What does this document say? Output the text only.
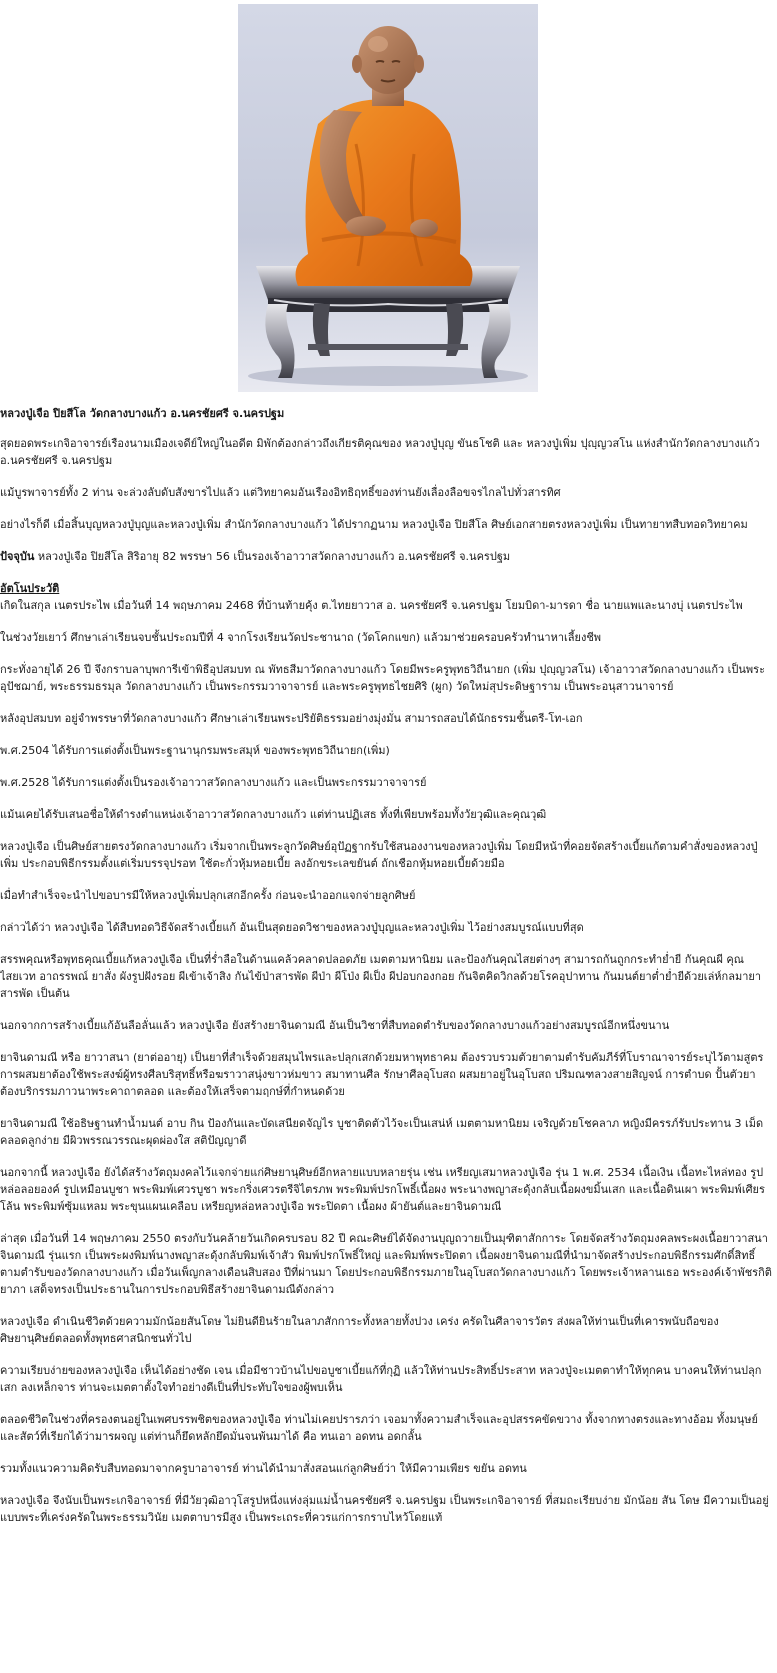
หลวงปู่เจือ ปิยสีโล วัดกลางบางแก้ว อ.นครชัยศรี จ.นครปฐม

สุดยอดพระเกจิอาจารย์เรืองนามเมืองเจดีย์ใหญ่ในอดีต มิพักต้องกล่าวถึงเกียรติคุณของ หลวงปู่บุญ ขันธโชติ และ หลวงปู่เพิ่ม ปุญฺญวสโน แห่งสำนักวัดกลางบางแก้ว อ.นครชัยศรี จ.นครปฐม

แม้บูรพาจารย์ทั้ง 2 ท่าน จะล่วงลับดับสังขารไปแล้ว แต่วิทยาคมอันเรืองอิทธิฤทธิ์ของท่านยังเลื่องลือขจรไกลไปทั่วสารทิศ

อย่างไรก็ดี เมื่อสิ้นบุญหลวงปู่บุญและหลวงปู่เพิ่ม สำนักวัดกลางบางแก้ว ได้ปรากฏนาม หลวงปู่เจือ ปิยสีโล ศิษย์เอกสายตรงหลวงปู่เพิ่ม เป็นทายาทสืบทอดวิทยาคม

ปัจจุบัน หลวงปู่เจือ ปิยสีโล สิริอายุ 82 พรรษา 56 เป็นรองเจ้าอาวาสวัดกลางบางแก้ว อ.นครชัยศรี จ.นครปฐม

อัตโนประวัติ
เกิดในสกุล เนตรประไพ เมื่อวันที่ 14 พฤษภาคม 2468 ที่บ้านท้ายคุ้ง ต.ไทยยาวาส อ. นครชัยศรี จ.นครปฐม โยมบิดา-มารดา ชื่อ นายแพและนางบุ่ เนตรประไพ

ในช่วงวัยเยาว์ ศึกษาเล่าเรียนจบชั้นประถมปีที่ 4 จากโรงเรียนวัดประชานาถ (วัดโคกแขก) แล้วมาช่วยครอบครัวทำนาหาเลี้ยงชีพ

กระทั่งอายุได้ 26 ปี จึงกราบลาบุพการีเข้าพิธีอุปสมบท ณ พัทธสีมาวัดกลางบางแก้ว โดยมีพระครูพุทธวิถีนายก (เพิ่ม ปุญฺญวสโน) เจ้าอาวาสวัดกลางบางแก้ว เป็นพระอุปัชฌาย์, พระธรรมธรมุล วัดกลางบางแก้ว เป็นพระกรรมวาจาจารย์ และพระครูพุทธไชยศิริ (ผูก) วัดใหม่สุประดิษฐาราม เป็นพระอนุสาวนาจารย์

หลังอุปสมบท อยู่จำพรรษาที่วัดกลางบางแก้ว ศึกษาเล่าเรียนพระปริยัติธรรมอย่างมุ่งมั่น สามารถสอบได้นักธรรมชั้นตรี-โท-เอก

พ.ศ.2504 ได้รับการแต่งตั้งเป็นพระฐานานุกรมพระสมุห์ ของพระพุทธวิถีนายก(เพิ่ม)

พ.ศ.2528 ได้รับการแต่งตั้งเป็นรองเจ้าอาวาสวัดกลางบางแก้ว และเป็นพระกรรมวาจาจารย์

แม้นเคยได้รับเสนอชื่อให้ดำรงตำแหน่งเจ้าอาวาสวัดกลางบางแก้ว แต่ท่านปฏิเสธ ทั้งที่เพียบพร้อมทั้งวัยวุฒิและคุณวุฒิ

หลวงปู่เจือ เป็นศิษย์สายตรงวัดกลางบางแก้ว เริ่มจากเป็นพระลูกวัดศิษย์อุปัฏฐากรับใช้สนองงานของหลวงปู่เพิ่ม โดยมีหน้าที่คอยจัดสร้างเบี้ยแก้ตามคำสั่งของหลวงปู่เพิ่ม ประกอบพิธีกรรมตั้งแต่เริ่มบรรจุปรอท ใช้ตะกั่วหุ้มหอยเบี้ย ลงอักขระเลขยันต์ ถักเชือกหุ้มหอยเบี้ยด้วยมือ

เมื่อทำสำเร็จจะนำไปขอบารมีให้หลวงปู่เพิ่มปลุกเสกอีกครั้ง ก่อนจะนำออกแจกจ่ายลูกศิษย์

กล่าวได้ว่า หลวงปู่เจือ ได้สืบทอดวิธีจัดสร้างเบี้ยแก้ อันเป็นสุดยอดวิชาของหลวงปู่บุญและหลวงปู่เพิ่ม ไว้อย่างสมบูรณ์แบบที่สุด

สรรพคุณหรือพุทธคุณเบี้ยแก้หลวงปู่เจือ เป็นที่ร่ำลือในด้านแคล้วคลาดปลอดภัย เมตตามหานิยม และป้องกันคุณไสยต่างๆ สามารถกันถูกกระทำย่ำยี กันคุณผี คุณไสยเวท อาถรรพณ์ ยาสั่ง ผังรูปฝังรอย ผีเข้าเจ้าสิง กันไข้ป่าสารพัด ผีป่า ผีโป่ง ผีเป็ง ผีปอบกองกอย กันจิตคิดวิกลด้วยโรคอุปาทาน กันมนต์ยาต่ำย่ำยีด้วยเล่ห์กลมายาสารพัด เป็นต้น

นอกจากการสร้างเบี้ยแก้อันลือลั่นแล้ว หลวงปู่เจือ ยังสร้างยาจินดามณี อันเป็นวิชาที่สืบทอดตำรับของวัดกลางบางแก้วอย่างสมบูรณ์อีกหนึ่งขนาน

ยาจินดามณี หรือ ยาวาสนา (ยาต่ออายุ) เป็นยาที่สำเร็จด้วยสมุนไพรและปลุกเสกด้วยมหาพุทธาคม ต้องรวบรวมตัวยาตามตำรับคัมภีร์ที่โบราณาจารย์ระบุไว้ตามสูตร การผสมยาต้องใช้พระสงฆ์ผู้ทรงศีลบริสุทธิ์หรือฆราวาสนุ่งขาวห่มขาว สมาทานศีล รักษาศีลอุโบสถ ผสมยาอยู่ในอุโบสถ ปริมณฑลวงสายสิญจน์ การตำบด ปั้นตัวยา ต้องบริกรรมภาวนาพระคาถาตลอด และต้องให้เสร็จตามฤกษ์ที่กำหนดด้วย

ยาจินดามณี ใช้อธิษฐานทำน้ำมนต์ อาบ กิน ป้องกันและบัดเสนียดจัญไร บูชาติดตัวไว้จะเป็นเสน่ห์ เมตตามหานิยม เจริญด้วยโชคลาภ หญิงมีครรภ์รับประทาน 3 เม็ดคลอดลูกง่าย มีผิวพรรณวรรณะผุดผ่องใส สติปัญญาดี

นอกจากนี้ หลวงปู่เจือ ยังได้สร้างวัตถุมงคลไว้แจกจ่ายแก่ศิษยานุศิษย์อีกหลายแบบหลายรุ่น เช่น เหรียญเสมาหลวงปู่เจือ รุ่น 1 พ.ศ. 2534 เนื้อเงิน เนื้อทะไหล่ทอง รูปหล่อลอยองค์ รูปเหมือนบูชา พระพิมพ์เศวรบูชา พระกริ่งเศวรตรีจิไตรภพ พระพิมพ์ปรกโพธิ์เนื้อผง พระนางพญาสะดุ้งกลับเนื้อผงขมิ้นเสก และเนื้อดินเผา พระพิมพ์เศียรโล้น พระพิมพ์ซุ้มแหลม พระขุนแผนเคลือบ เหรียญหล่อหลวงปู่เจือ พระปิดตา เนื้อผง ผ้ายันต์และยาจินดามณี

ล่าสุด เมื่อวันที่ 14 พฤษภาคม 2550 ตรงกับวันคล้ายวันเกิดครบรอบ 82 ปี คณะศิษย์ได้จัดงานบุญถวายเป็นมุฑิตาสักการะ โดยจัดสร้างวัตถุมงคลพระผงเนื้อยาวาสนาจินดามณี รุ่นแรก เป็นพระผงพิมพ์นางพญาสะดุ้งกลับพิมพ์เจ้าสัว พิมพ์ปรกโพธิ์ใหญ่ และพิมพ์พระปิดตา เนื้อผงยาจินดามณีที่นำมาจัดสร้างประกอบพิธีกรรมศักดิ์สิทธิ์ตามตำรับของวัดกลางบางแก้ว เมื่อวันเพ็ญกลางเดือนสิบสอง ปีที่ผ่านมา โดยประกอบพิธีกรรมภายในอุโบสถวัดกลางบางแก้ว โดยพระเจ้าหลานเธอ พระองค์เจ้าพัชรกิติยาภา เสด็จทรงเป็นประธานในการประกอบพิธีสร้างยาจินดามณีดังกล่าว

หลวงปู่เจือ ดำเนินชีวิตด้วยความมักน้อยสันโดษ ไม่ยินดียินร้ายในลาภสักการะทั้งหลายทั้งปวง เคร่ง ครัดในศีลาจารวัตร ส่งผลให้ท่านเป็นที่เคารพนับถือของศิษยานุศิษย์ตลอดทั้งพุทธศาสนิกชนทั่วไป

ความเรียบง่ายของหลวงปู่เจือ เห็นได้อย่างชัด เจน เมื่อมีชาวบ้านไปขอบูชาเบี้ยแก้ที่กุฏิ แล้วให้ท่านประสิทธิ์ประสาท หลวงปู่จะเมตตาทำให้ทุกคน บางคนให้ท่านปลุกเสก ลงเหล็กจาร ท่านจะเมตตาตั้งใจทำอย่างดีเป็นที่ประทับใจของผู้พบเห็น

ตลอดชีวิตในช่วงที่ครองตนอยู่ในเพศบรรพชิตของหลวงปู่เจือ ท่านไม่เคยปรารภว่า เจอมาทั้งความสำเร็จและอุปสรรคขัดขวาง ทั้งจากทางตรงและทางอ้อม ทั้งมนุษย์และสัตว์ที่เรียกได้ว่ามารผจญ แต่ท่านก็ยึดหลักยึดมั่นจนพ้นมาได้ คือ ทนเอา อดทน อดกลั้น

รวมทั้งแนวความคิดรับสืบทอดมาจากครูบาอาจารย์ ท่านได้นำมาสั่งสอนแก่ลูกศิษย์ว่า ให้มีความเพียร ขยัน อดทน

หลวงปู่เจือ จึงนับเป็นพระเกจิอาจารย์ ที่มีวัยวุฒิอาวุโสรูปหนึ่งแห่งลุ่มแม่น้ำนครชัยศรี จ.นครปฐม เป็นพระเกจิอาจารย์ ที่สมถะเรียบง่าย มักน้อย สัน โดษ มีความเป็นอยู่แบบพระที่เคร่งครัดในพระธรรมวินัย เมตตาบารมีสูง เป็นพระเถระที่ควรแก่การกราบไหว้โดยแท้
